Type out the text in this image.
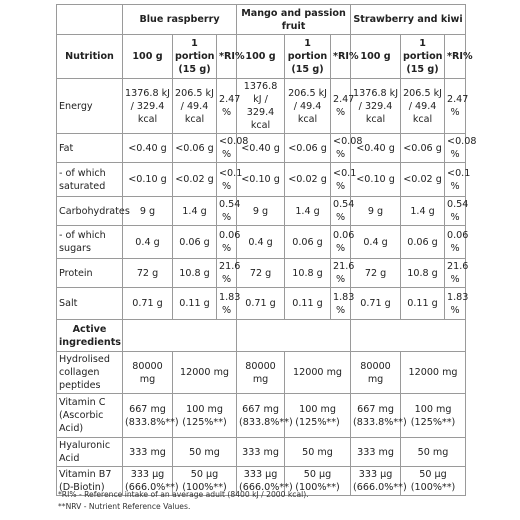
	Blue raspberry			Mango and passion fruit			Strawberry and kiwi		
Nutrition	100 g	1 portion (15 g)	*RI%	100 g	1 portion (15 g)	*RI%	100 g	1 portion (15 g)	*RI%
Energy	1376.8 kJ / 329.4 kcal	206.5 kJ / 49.4 kcal	2.47 %	1376.8 kJ / 329.4 kcal	206.5 kJ / 49.4 kcal	2.47 %	1376.8 kJ / 329.4 kcal	206.5 kJ / 49.4 kcal	2.47 %
Fat	<0.40 g	<0.06 g	<0.08 %	<0.40 g	<0.06 g	<0.08 %	<0.40 g	<0.06 g	<0.08 %
- of which saturated	<0.10 g	<0.02 g	<0.1 %	<0.10 g	<0.02 g	<0.1 %	<0.10 g	<0.02 g	<0.1 %
Carbohydrates	9 g	1.4 g	0.54 %	9 g	1.4 g	0.54 %	9 g	1.4 g	0.54 %
- of which sugars	0.4 g	0.06 g	0.06 %	0.4 g	0.06 g	0.06 %	0.4 g	0.06 g	0.06 %
Protein	72 g	10.8 g	21.6 %	72 g	10.8 g	21.6 %	72 g	10.8 g	21.6 %
Salt	0.71 g	0.11 g	1.83 %	0.71 g	0.11 g	1.83 %	0.71 g	0.11 g	1.83 %
Active ingredients									
Hydrolised collagen peptides	80000 mg	12000 mg		80000 mg	12000 mg		80000 mg	12000 mg	
Vitamin C (Ascorbic Acid)	667 mg (833.8%**)	100 mg (125%**)		667 mg (833.8%**)	100 mg (125%**)		667 mg (833.8%**)	100 mg (125%**)	
Hyaluronic Acid	333 mg	50 mg		333 mg	50 mg		333 mg	50 mg	
Vitamin B7 (D-Biotin)	333 μg (666.0%**)	50 μg (100%**)		333 μg (666.0%**)	50 μg (100%**)		333 μg (666.0%**)	50 μg (100%**)	
*RI% - Reference intake of an average adult (8400 kJ / 2000 kcal).
**NRV - Nutrient Reference Values.
